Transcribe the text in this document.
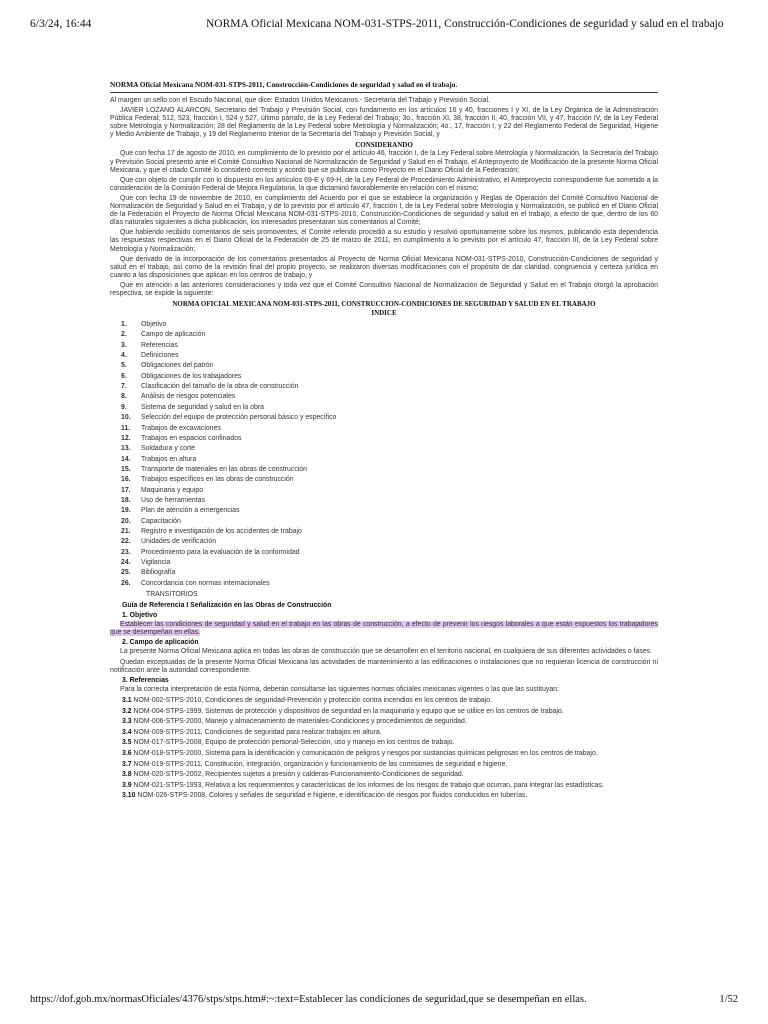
6/3/24, 16:44	NORMA Oficial Mexicana NOM-031-STPS-2011, Construcción-Condiciones de seguridad y salud en el trabajo
NORMA Oficial Mexicana NOM-031-STPS-2011, Construcción-Condiciones de seguridad y salud en el trabajo.

Al margen un sello con el Escudo Nacional, que dice: Estados Unidos Mexicanos.- Secretaría del Trabajo y Previsión Social.

JAVIER LOZANO ALARCON, Secretario del Trabajo y Previsión Social, con fundamento en los artículos 16 y 40, fracciones I y XI, de la Ley Orgánica de la Administración Pública Federal; 512, 523, fracción I, 524 y 527, último párrafo, de la Ley Federal del Trabajo; 3o., fracción XI, 38, fracción II, 40, fracción VII, y 47, fracción IV, de la Ley Federal sobre Metrología y Normalización; 28 del Reglamento de la Ley Federal sobre Metrología y Normalización; 4o., 17, fracción I, y 22 del Reglamento Federal de Seguridad, Higiene y Medio Ambiente de Trabajo, y 19 del Reglamento Interior de la Secretaría del Trabajo y Previsión Social, y

CONSIDERANDO

Que con fecha 17 de agosto de 2010, en cumplimiento de lo previsto por el artículo 46, fracción I, de la Ley Federal sobre Metrología y Normalización, la Secretaría del Trabajo y Previsión Social presentó ante el Comité Consultivo Nacional de Normalización de Seguridad y Salud en el Trabajo, el Anteproyecto de Modificación de la presente Norma Oficial Mexicana, y que el citado Comité lo consideró correcto y acordó que se publicara como Proyecto en el Diario Oficial de la Federación;

Que con objeto de cumplir con lo dispuesto en los artículos 69-E y 69-H, de la Ley Federal de Procedimiento Administrativo, el Anteproyecto correspondiente fue sometido a la consideración de la Comisión Federal de Mejora Regulatoria, la que dictaminó favorablemente en relación con el mismo;

Que con fecha 19 de noviembre de 2010, en cumplimiento del Acuerdo por el que se establece la organización y Reglas de Operación del Comité Consultivo Nacional de Normalización de Seguridad y Salud en el Trabajo, y de lo previsto por el artículo 47, fracción I, de la Ley Federal sobre Metrología y Normalización, se publicó en el Diario Oficial de la Federación el Proyecto de Norma Oficial Mexicana NOM-031-STPS-2010, Construcción-Condiciones de seguridad y salud en el trabajo, a efecto de que, dentro de los 60 días naturales siguientes a dicha publicación, los interesados presentaran sus comentarios al Comité;

Que habiendo recibido comentarios de seis promoventes, el Comité referido procedió a su estudio y resolvió oportunamente sobre los mismos, publicando esta dependencia las respuestas respectivas en el Diario Oficial de la Federación de 25 de marzo de 2011, en cumplimiento a lo previsto por el artículo 47, fracción III, de la Ley Federal sobre Metrología y Normalización;

Que derivado de la incorporación de los comentarios presentados al Proyecto de Norma Oficial Mexicana NOM-031-STPS-2010, Construcción-Condiciones de seguridad y salud en el trabajo, así como de la revisión final del propio proyecto, se realizaron diversas modificaciones con el propósito de dar claridad, congruencia y certeza jurídica en cuanto a las disposiciones que aplican en los centros de trabajo, y

Que en atención a las anteriores consideraciones y toda vez que el Comité Consultivo Nacional de Normalización de Seguridad y Salud en el Trabajo otorgó la aprobación respectiva, se expide la siguiente:

NORMA OFICIAL MEXICANA NOM-031-STPS-2011, CONSTRUCCION-CONDICIONES DE SEGURIDAD Y SALUD EN EL TRABAJO
INDICE
1. Objetivo
2. Campo de aplicación
3. Referencias
4. Definiciones
5. Obligaciones del patrón
6. Obligaciones de los trabajadores
7. Clasificación del tamaño de la obra de construcción
8. Análisis de riesgos potenciales
9. Sistema de seguridad y salud en la obra
10. Selección del equipo de protección personal básico y específico
11. Trabajos de excavaciones
12. Trabajos en espacios confinados
13. Soldadura y corte
14. Trabajos en altura
15. Transporte de materiales en las obras de construcción
16. Trabajos específicos en las obras de construcción
17. Maquinaria y equipo
18. Uso de herramientas
19. Plan de atención a emergencias
20. Capacitación
21. Registro e investigación de los accidentes de trabajo
22. Unidades de verificación
23. Procedimiento para la evaluación de la conformidad
24. Vigilancia
25. Bibliografía
26. Concordancia con normas internacionales
TRANSITORIOS
Guía de Referencia I Señalización en las Obras de Construcción
1. Objetivo

Establecer las condiciones de seguridad y salud en el trabajo en las obras de construcción, a efecto de prevenir los riesgos laborales a que están expuestos los trabajadores que se desempeñan en ellas.

2. Campo de aplicación

La presente Norma Oficial Mexicana aplica en todas las obras de construcción que se desarrollen en el territorio nacional, en cualquiera de sus diferentes actividades o fases.

Quedan exceptuadas de la presente Norma Oficial Mexicana las actividades de mantenimiento a las edificaciones o instalaciones que no requieran licencia de construcción ni notificación ante la autoridad correspondiente.

3. Referencias

Para la correcta interpretación de esta Norma, deberán consultarse las siguientes normas oficiales mexicanas vigentes o las que las sustituyan:

3.1 NOM-002-STPS-2010, Condiciones de seguridad-Prevención y protección contra incendios en los centros de trabajo.
3.2 NOM-004-STPS-1999, Sistemas de protección y dispositivos de seguridad en la maquinaria y equipo que se utilice en los centros de trabajo.
3.3 NOM-006-STPS-2000, Manejo y almacenamiento de materiales-Condiciones y procedimientos de seguridad.
3.4 NOM-009-STPS-2011, Condiciones de seguridad para realizar trabajos en altura.
3.5 NOM-017-STPS-2008, Equipo de protección personal-Selección, uso y manejo en los centros de trabajo.
3.6 NOM-018-STPS-2000, Sistema para la identificación y comunicación de peligros y riesgos por sustancias químicas peligrosas en los centros de trabajo.
3.7 NOM-019-STPS-2011, Constitución, integración, organización y funcionamiento de las comisiones de seguridad e higiene.
3.8 NOM-020-STPS-2002, Recipientes sujetos a presión y calderas-Funcionamiento-Condiciones de seguridad.
3.9 NOM-021-STPS-1993, Relativa a los requerimientos y características de los informes de los riesgos de trabajo que ocurran, para integrar las estadísticas.
3.10 NOM-026-STPS-2008, Colores y señales de seguridad e higiene, e identificación de riesgos por fluidos conducidos en tuberías.
https://dof.gob.mx/normasOficiales/4376/stps/stps.htm#:~:text=Establecer las condiciones de seguridad,que se desempeñan en ellas.	1/52
